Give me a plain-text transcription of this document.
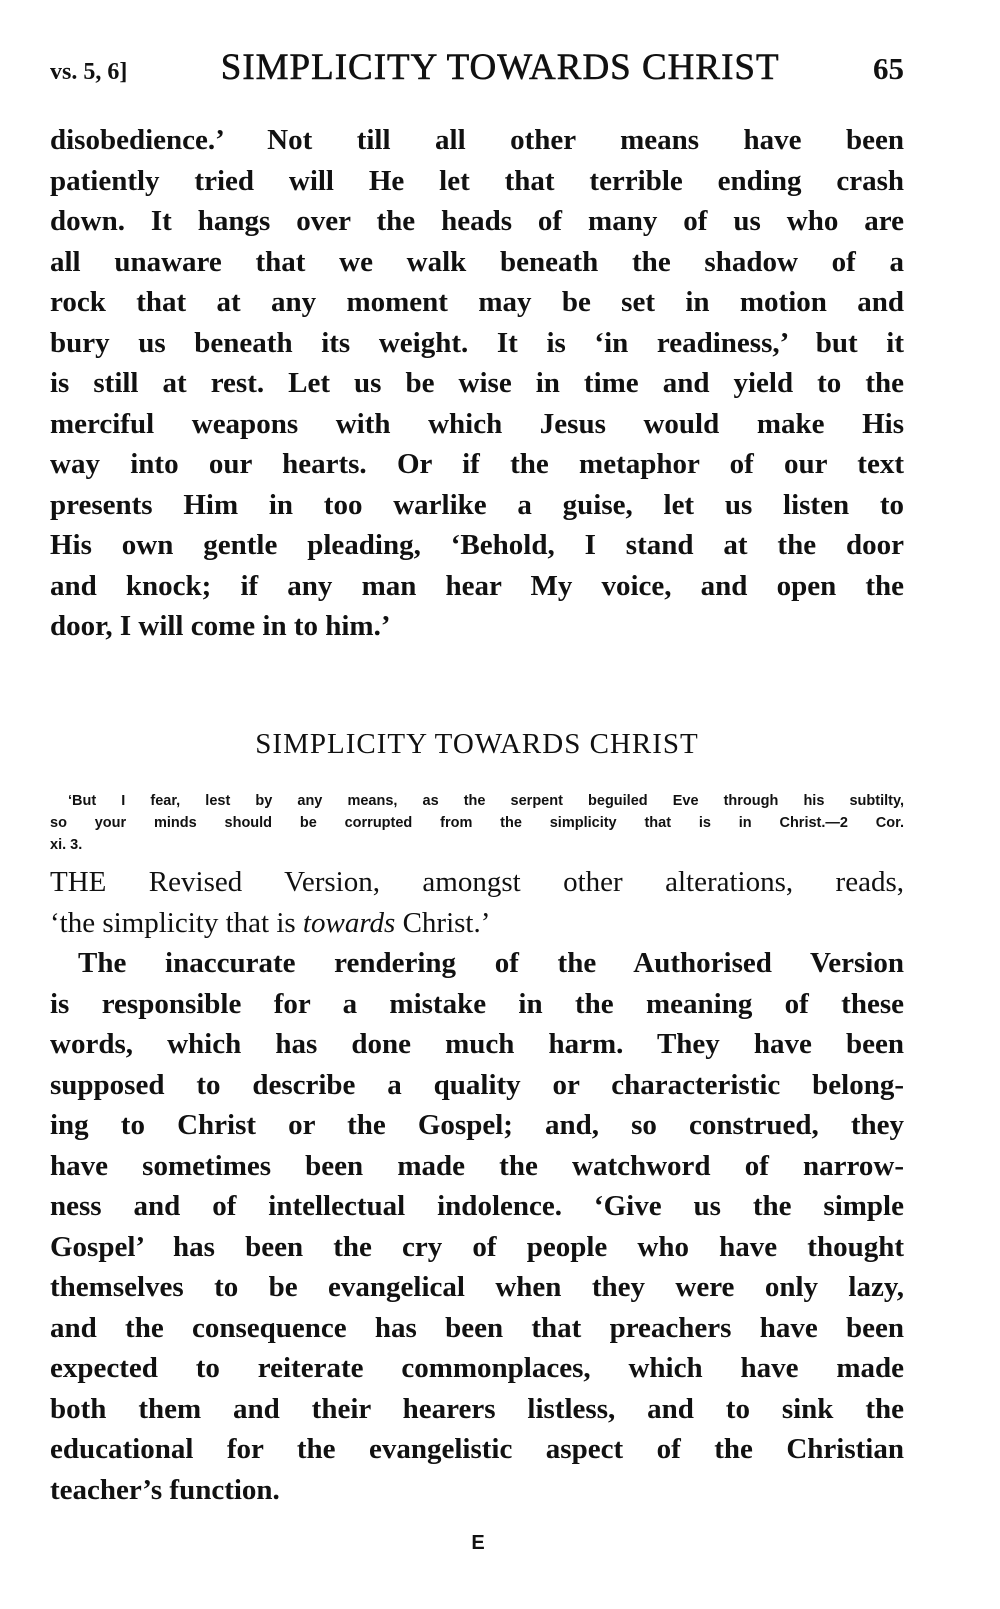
vs. 5, 6]	SIMPLICITY TOWARDS CHRIST	65
disobedience.’ Not till all other means have been
patiently tried will He let that terrible ending crash
down. It hangs over the heads of many of us who are
all unaware that we walk beneath the shadow of a
rock that at any moment may be set in motion and
bury us beneath its weight. It is ‘in readiness,’ but it
is still at rest. Let us be wise in time and yield to the
merciful weapons with which Jesus would make His
way into our hearts. Or if the metaphor of our text
presents Him in too warlike a guise, let us listen to
His own gentle pleading, ‘Behold, I stand at the door
and knock; if any man hear My voice, and open the
door, I will come in to him.’
SIMPLICITY TOWARDS CHRIST
‘But I fear, lest by any means, as the serpent beguiled Eve through his subtilty,
so your minds should be corrupted from the simplicity that is in Christ.—2 Cor.
xi. 3.
THE Revised Version, amongst other alterations, reads,
‘the simplicity that is towards Christ.’
The inaccurate rendering of the Authorised Version
is responsible for a mistake in the meaning of these
words, which has done much harm. They have been
supposed to describe a quality or characteristic belong-
ing to Christ or the Gospel; and, so construed, they
have sometimes been made the watchword of narrow-
ness and of intellectual indolence. ‘Give us the simple
Gospel’ has been the cry of people who have thought
themselves to be evangelical when they were only lazy,
and the consequence has been that preachers have been
expected to reiterate commonplaces, which have made
both them and their hearers listless, and to sink the
educational for the evangelistic aspect of the Christian
teacher’s function.
E
